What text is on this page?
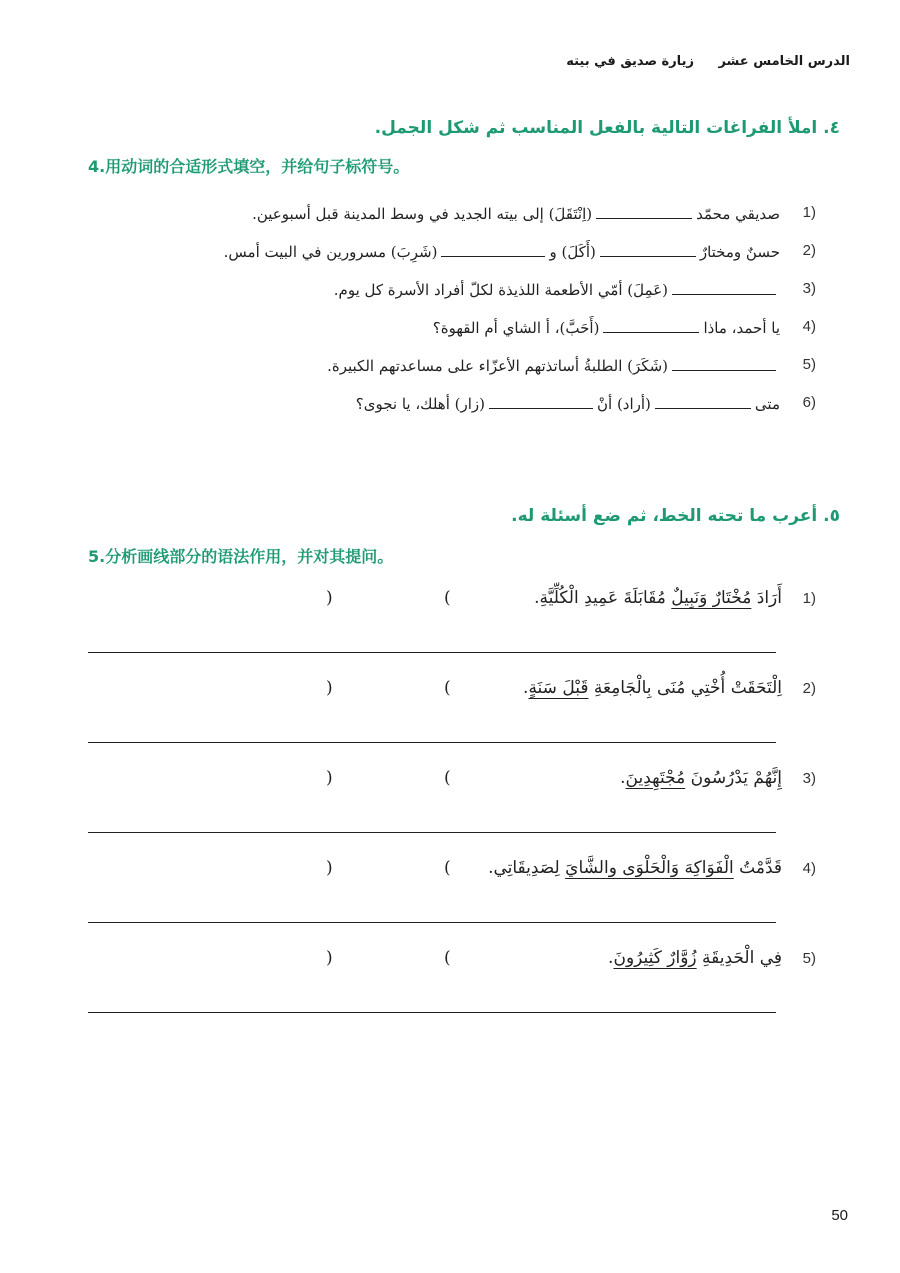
الدرس الخامس عشر زيارة صديق في بيته
٤. املأ الفراغات التالية بالفعل المناسب ثم شكل الجمل.
4.用动词的合适形式填空，并给句子标符号。
1)
صديقي محمّد(اِنْتَقَلَ) إلى بيته الجديد في وسط المدينة قبل أسبوعين.
2)
حسنٌ ومختارٌ(أَكَلَ) و(شَرِبَ) مسرورين في البيت أمس.
3)
(عَمِلَ) أمّي الأطعمة اللذيذة لكلّ أفراد الأسرة كل يوم.
4)
يا أحمد، ماذا(أَحَبَّ)، أ الشاي أم القهوة؟
5)
(شَكَرَ) الطلبةُ أساتذتهم الأعزّاء على مساعدتهم الكبيرة.
6)
متى(أراد) أنْ(زار) أهلك، يا نجوى؟
٥. أعرب ما تحته الخط، ثم ضع أسئلة له.
5.分析画线部分的语法作用，并对其提问。
1)
أَرَادَ مُخْتَارٌ وَنَبِيلٌ مُقَابَلَةَ عَمِيدِ الْكُلِّيَّةِ.
(
)
2)
اِلْتَحَقَتْ أُخْتِي مُنَى بِالْجَامِعَةِ قَبْلَ سَنَةٍ.
(
)
3)
إِنَّهُمْ يَدْرُسُونَ مُجْتَهِدِينَ.
(
)
4)
قَدَّمْتُ الْفَوَاكِهَ وَالْحَلْوَى والشَّايَ لِصَدِيقَاتِي.
(
)
5)
فِي الْحَدِيقَةِ زُوَّارٌ كَثِيرُونَ.
(
)
50
